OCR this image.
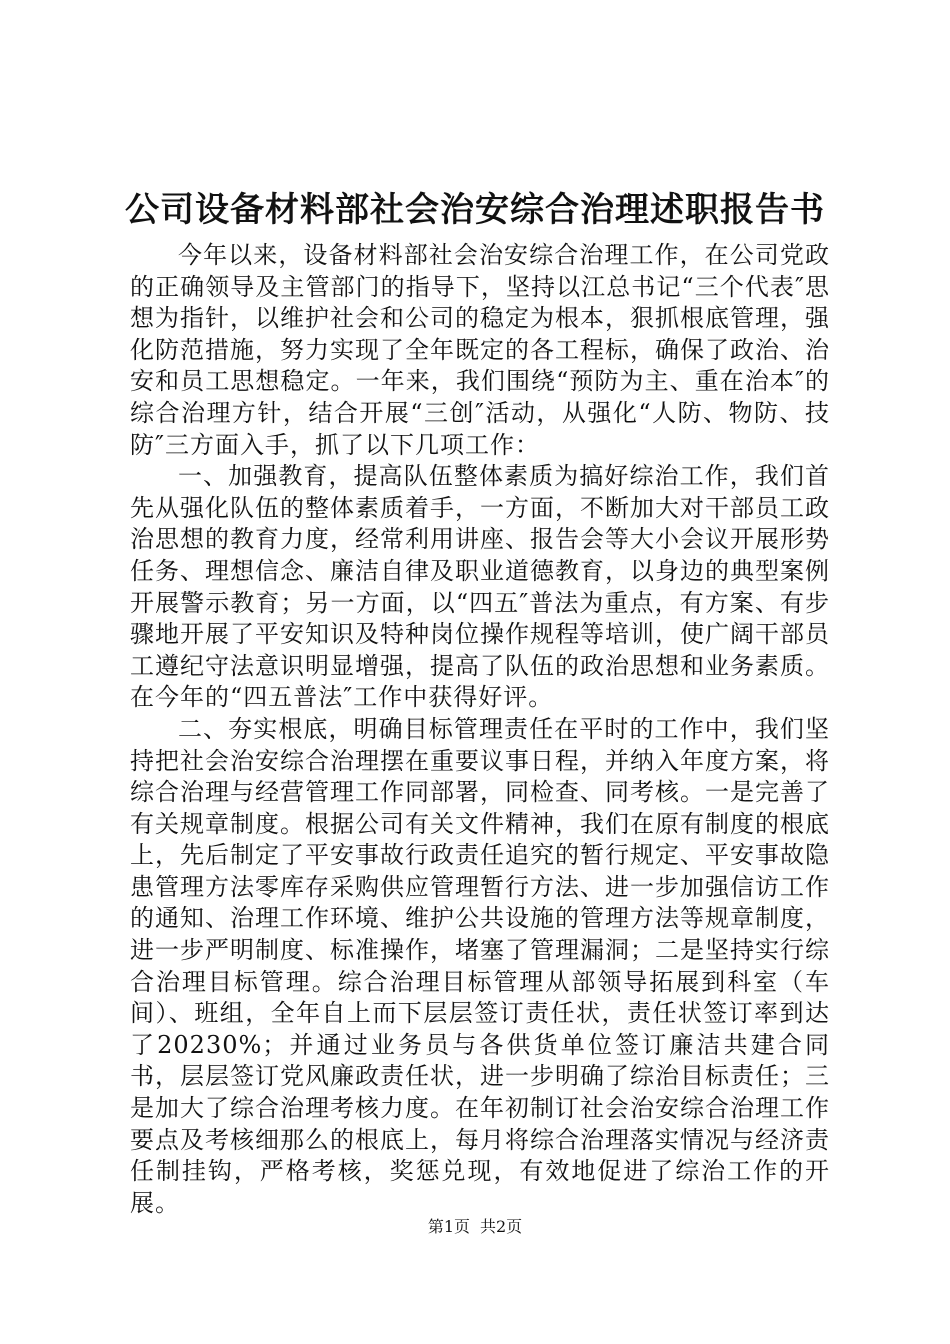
公司设备材料部社会治安综合治理述职报告书

今年以来，设备材料部社会治安综合治理工作，在公司党政的正确领导及主管部门的指导下，坚持以江总书记“三个代表″思想为指针，以维护社会和公司的稳定为根本，狠抓根底管理，强化防范措施，努力实现了全年既定的各工程标，确保了政治、治安和员工思想稳定。一年来，我们围绕“预防为主、重在治本″的综合治理方针，结合开展“三创″活动，从强化“人防、物防、技防″三方面入手，抓了以下几项工作：

一、加强教育，提高队伍整体素质为搞好综治工作，我们首先从强化队伍的整体素质着手，一方面，不断加大对干部员工政治思想的教育力度，经常利用讲座、报告会等大小会议开展形势任务、理想信念、廉洁自律及职业道德教育，以身边的典型案例开展警示教育；另一方面，以“四五″普法为重点，有方案、有步骤地开展了平安知识及特种岗位操作规程等培训，使广阔干部员工遵纪守法意识明显增强，提高了队伍的政治思想和业务素质。在今年的“四五普法″工作中获得好评。

二、夯实根底，明确目标管理责任在平时的工作中，我们坚持把社会治安综合治理摆在重要议事日程，并纳入年度方案，将综合治理与经营管理工作同部署，同检查、同考核。一是完善了有关规章制度。根据公司有关文件精神，我们在原有制度的根底上，先后制定了平安事故行政责任追究的暂行规定、平安事故隐患管理方法零库存采购供应管理暂行方法、进一步加强信访工作的通知、治理工作环境、维护公共设施的管理方法等规章制度，进一步严明制度、标准操作，堵塞了管理漏洞；二是坚持实行综合治理目标管理。综合治理目标管理从部领导拓展到科室（车间）、班组，全年自上而下层层签订责任状，责任状签订率到达了20230%；并通过业务员与各供货单位签订廉洁共建合同书，层层签订党风廉政责任状，进一步明确了综治目标责任；三是加大了综合治理考核力度。在年初制订社会治安综合治理工作要点及考核细那么的根底上，每月将综合治理落实情况与经济责任制挂钩，严格考核，奖惩兑现，有效地促进了综治工作的开展。

第1页 共2页
